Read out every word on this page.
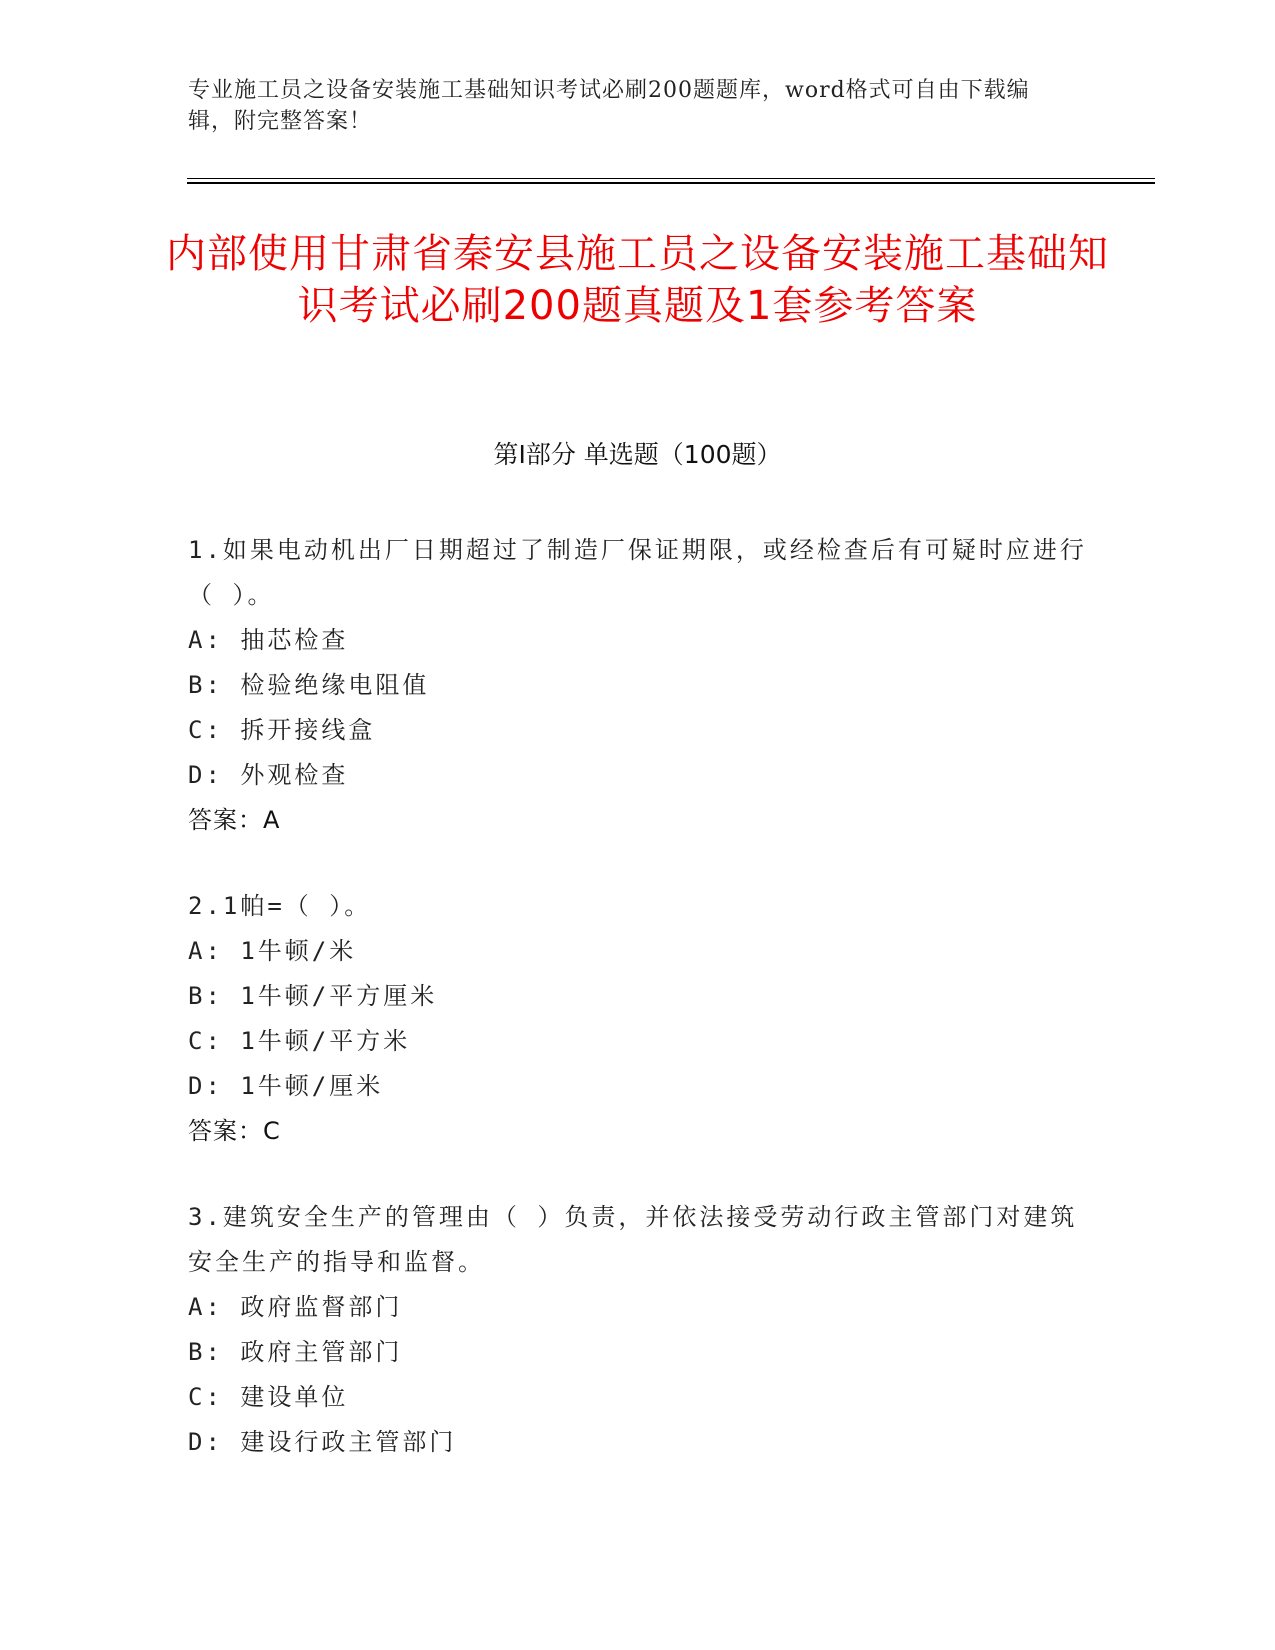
专业施工员之设备安装施工基础知识考试必刷200题题库，word格式可自由下载编辑，附完整答案！
内部使用甘肃省秦安县施工员之设备安装施工基础知识考试必刷200题真题及1套参考答案
第Ⅰ部分 单选题（100题）

1.如果电动机出厂日期超过了制造厂保证期限，或经检查后有可疑时应进行（ ）。

A: 抽芯检查

B: 检验绝缘电阻值

C: 拆开接线盒

D: 外观检查

答案：A

2.1帕=（ ）。

A: 1牛顿/米

B: 1牛顿/平方厘米

C: 1牛顿/平方米

D: 1牛顿/厘米

答案：C

3.建筑安全生产的管理由（ ）负责，并依法接受劳动行政主管部门对建筑安全生产的指导和监督。

A: 政府监督部门

B: 政府主管部门

C: 建设单位

D: 建设行政主管部门
